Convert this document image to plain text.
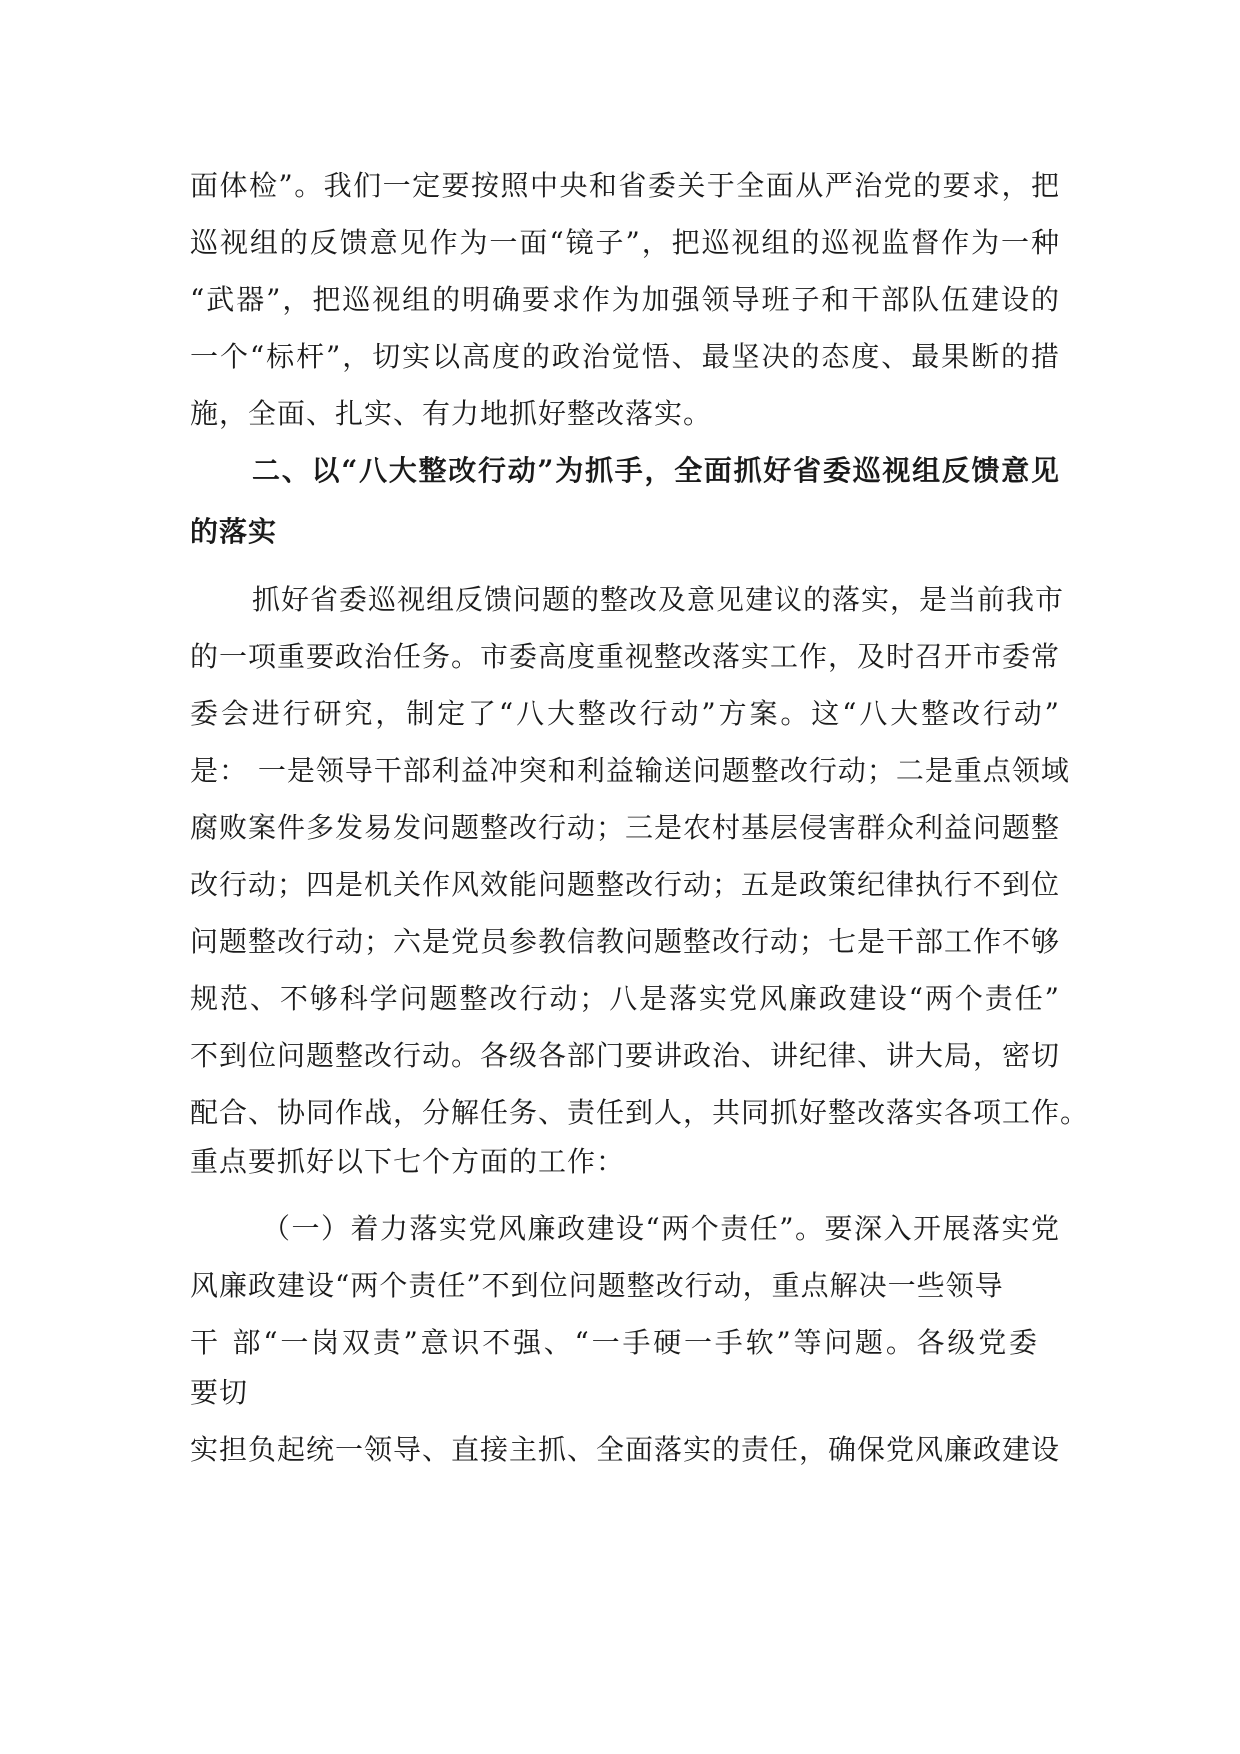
面体检”。我们一定要按照中央和省委关于全面从严治党的要求，把
巡视组的反馈意见作为一面“镜子”，把巡视组的巡视监督作为一种
“武器”，把巡视组的明确要求作为加强领导班子和干部队伍建设的
一个“标杆”，切实以高度的政治觉悟、最坚决的态度、最果断的措
施，全面、扎实、有力地抓好整改落实。
二、以“八大整改行动”为抓手，全面抓好省委巡视组反馈意见
的落实
抓好省委巡视组反馈问题的整改及意见建议的落实，是当前我市
的一项重要政治任务。市委高度重视整改落实工作，及时召开市委常
委会进行研究，制定了“八大整改行动”方案。这“八大整改行动”
是： 一是领导干部利益冲突和利益输送问题整改行动；二是重点领域
腐败案件多发易发问题整改行动；三是农村基层侵害群众利益问题整
改行动；四是机关作风效能问题整改行动；五是政策纪律执行不到位
问题整改行动；六是党员参教信教问题整改行动；七是干部工作不够
规范、不够科学问题整改行动；八是落实党风廉政建设“两个责任”
不到位问题整改行动。各级各部门要讲政治、讲纪律、讲大局，密切
配合、协同作战，分解任务、责任到人，共同抓好整改落实各项工作。
重点要抓好以下七个方面的工作：
（一）着力落实党风廉政建设“两个责任”。要深入开展落实党
风廉政建设“两个责任”不到位问题整改行动，重点解决一些领导
干 部“一岗双责”意识不强、“一手硬一手软”等问题。各级党委
要切
实担负起统一领导、直接主抓、全面落实的责任，确保党风廉政建设
